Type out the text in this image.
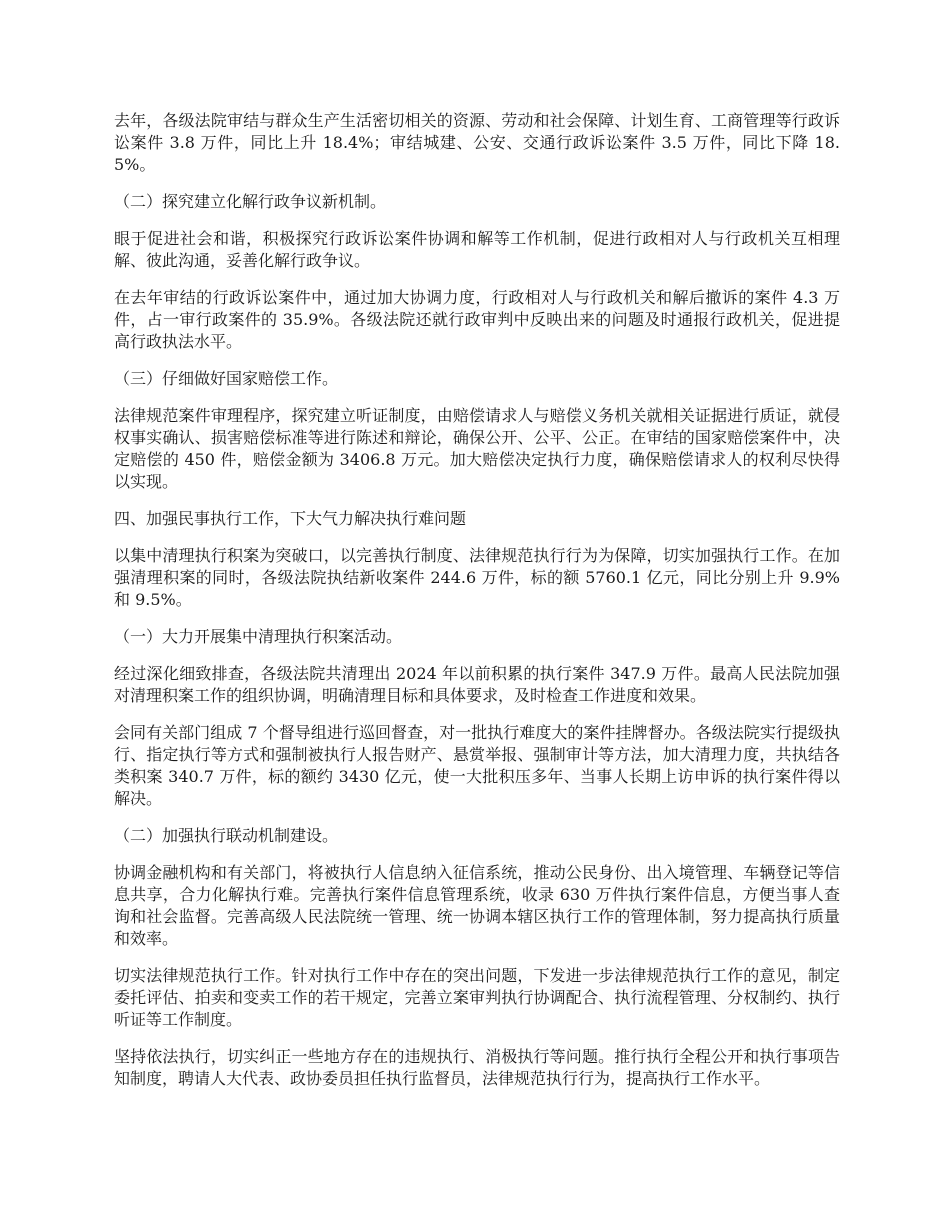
去年，各级法院审结与群众生产生活密切相关的资源、劳动和社会保障、计划生育、工商管理等行政诉讼案件 3.8 万件，同比上升 18.4%；审结城建、公安、交通行政诉讼案件 3.5 万件，同比下降 18.5%。

（二）探究建立化解行政争议新机制。

眼于促进社会和谐，积极探究行政诉讼案件协调和解等工作机制，促进行政相对人与行政机关互相理解、彼此沟通，妥善化解行政争议。

在去年审结的行政诉讼案件中，通过加大协调力度，行政相对人与行政机关和解后撤诉的案件 4.3 万件，占一审行政案件的 35.9%。各级法院还就行政审判中反映出来的问题及时通报行政机关，促进提高行政执法水平。

（三）仔细做好国家赔偿工作。

法律规范案件审理程序，探究建立听证制度，由赔偿请求人与赔偿义务机关就相关证据进行质证，就侵权事实确认、损害赔偿标准等进行陈述和辩论，确保公开、公平、公正。在审结的国家赔偿案件中，决定赔偿的 450 件，赔偿金额为 3406.8 万元。加大赔偿决定执行力度，确保赔偿请求人的权利尽快得以实现。

四、加强民事执行工作，下大气力解决执行难问题

以集中清理执行积案为突破口，以完善执行制度、法律规范执行行为为保障，切实加强执行工作。在加强清理积案的同时，各级法院执结新收案件 244.6 万件，标的额 5760.1 亿元，同比分别上升 9.9%和 9.5%。

（一）大力开展集中清理执行积案活动。

经过深化细致排查，各级法院共清理出 2024 年以前积累的执行案件 347.9 万件。最高人民法院加强对清理积案工作的组织协调，明确清理目标和具体要求，及时检查工作进度和效果。

会同有关部门组成 7 个督导组进行巡回督查，对一批执行难度大的案件挂牌督办。各级法院实行提级执行、指定执行等方式和强制被执行人报告财产、悬赏举报、强制审计等方法，加大清理力度，共执结各类积案 340.7 万件，标的额约 3430 亿元，使一大批积压多年、当事人长期上访申诉的执行案件得以解决。

（二）加强执行联动机制建设。

协调金融机构和有关部门，将被执行人信息纳入征信系统，推动公民身份、出入境管理、车辆登记等信息共享，合力化解执行难。完善执行案件信息管理系统，收录 630 万件执行案件信息，方便当事人查询和社会监督。完善高级人民法院统一管理、统一协调本辖区执行工作的管理体制，努力提高执行质量和效率。

切实法律规范执行工作。针对执行工作中存在的突出问题，下发进一步法律规范执行工作的意见，制定委托评估、拍卖和变卖工作的若干规定，完善立案审判执行协调配合、执行流程管理、分权制约、执行听证等工作制度。

坚持依法执行，切实纠正一些地方存在的违规执行、消极执行等问题。推行执行全程公开和执行事项告知制度，聘请人大代表、政协委员担任执行监督员，法律规范执行行为，提高执行工作水平。
